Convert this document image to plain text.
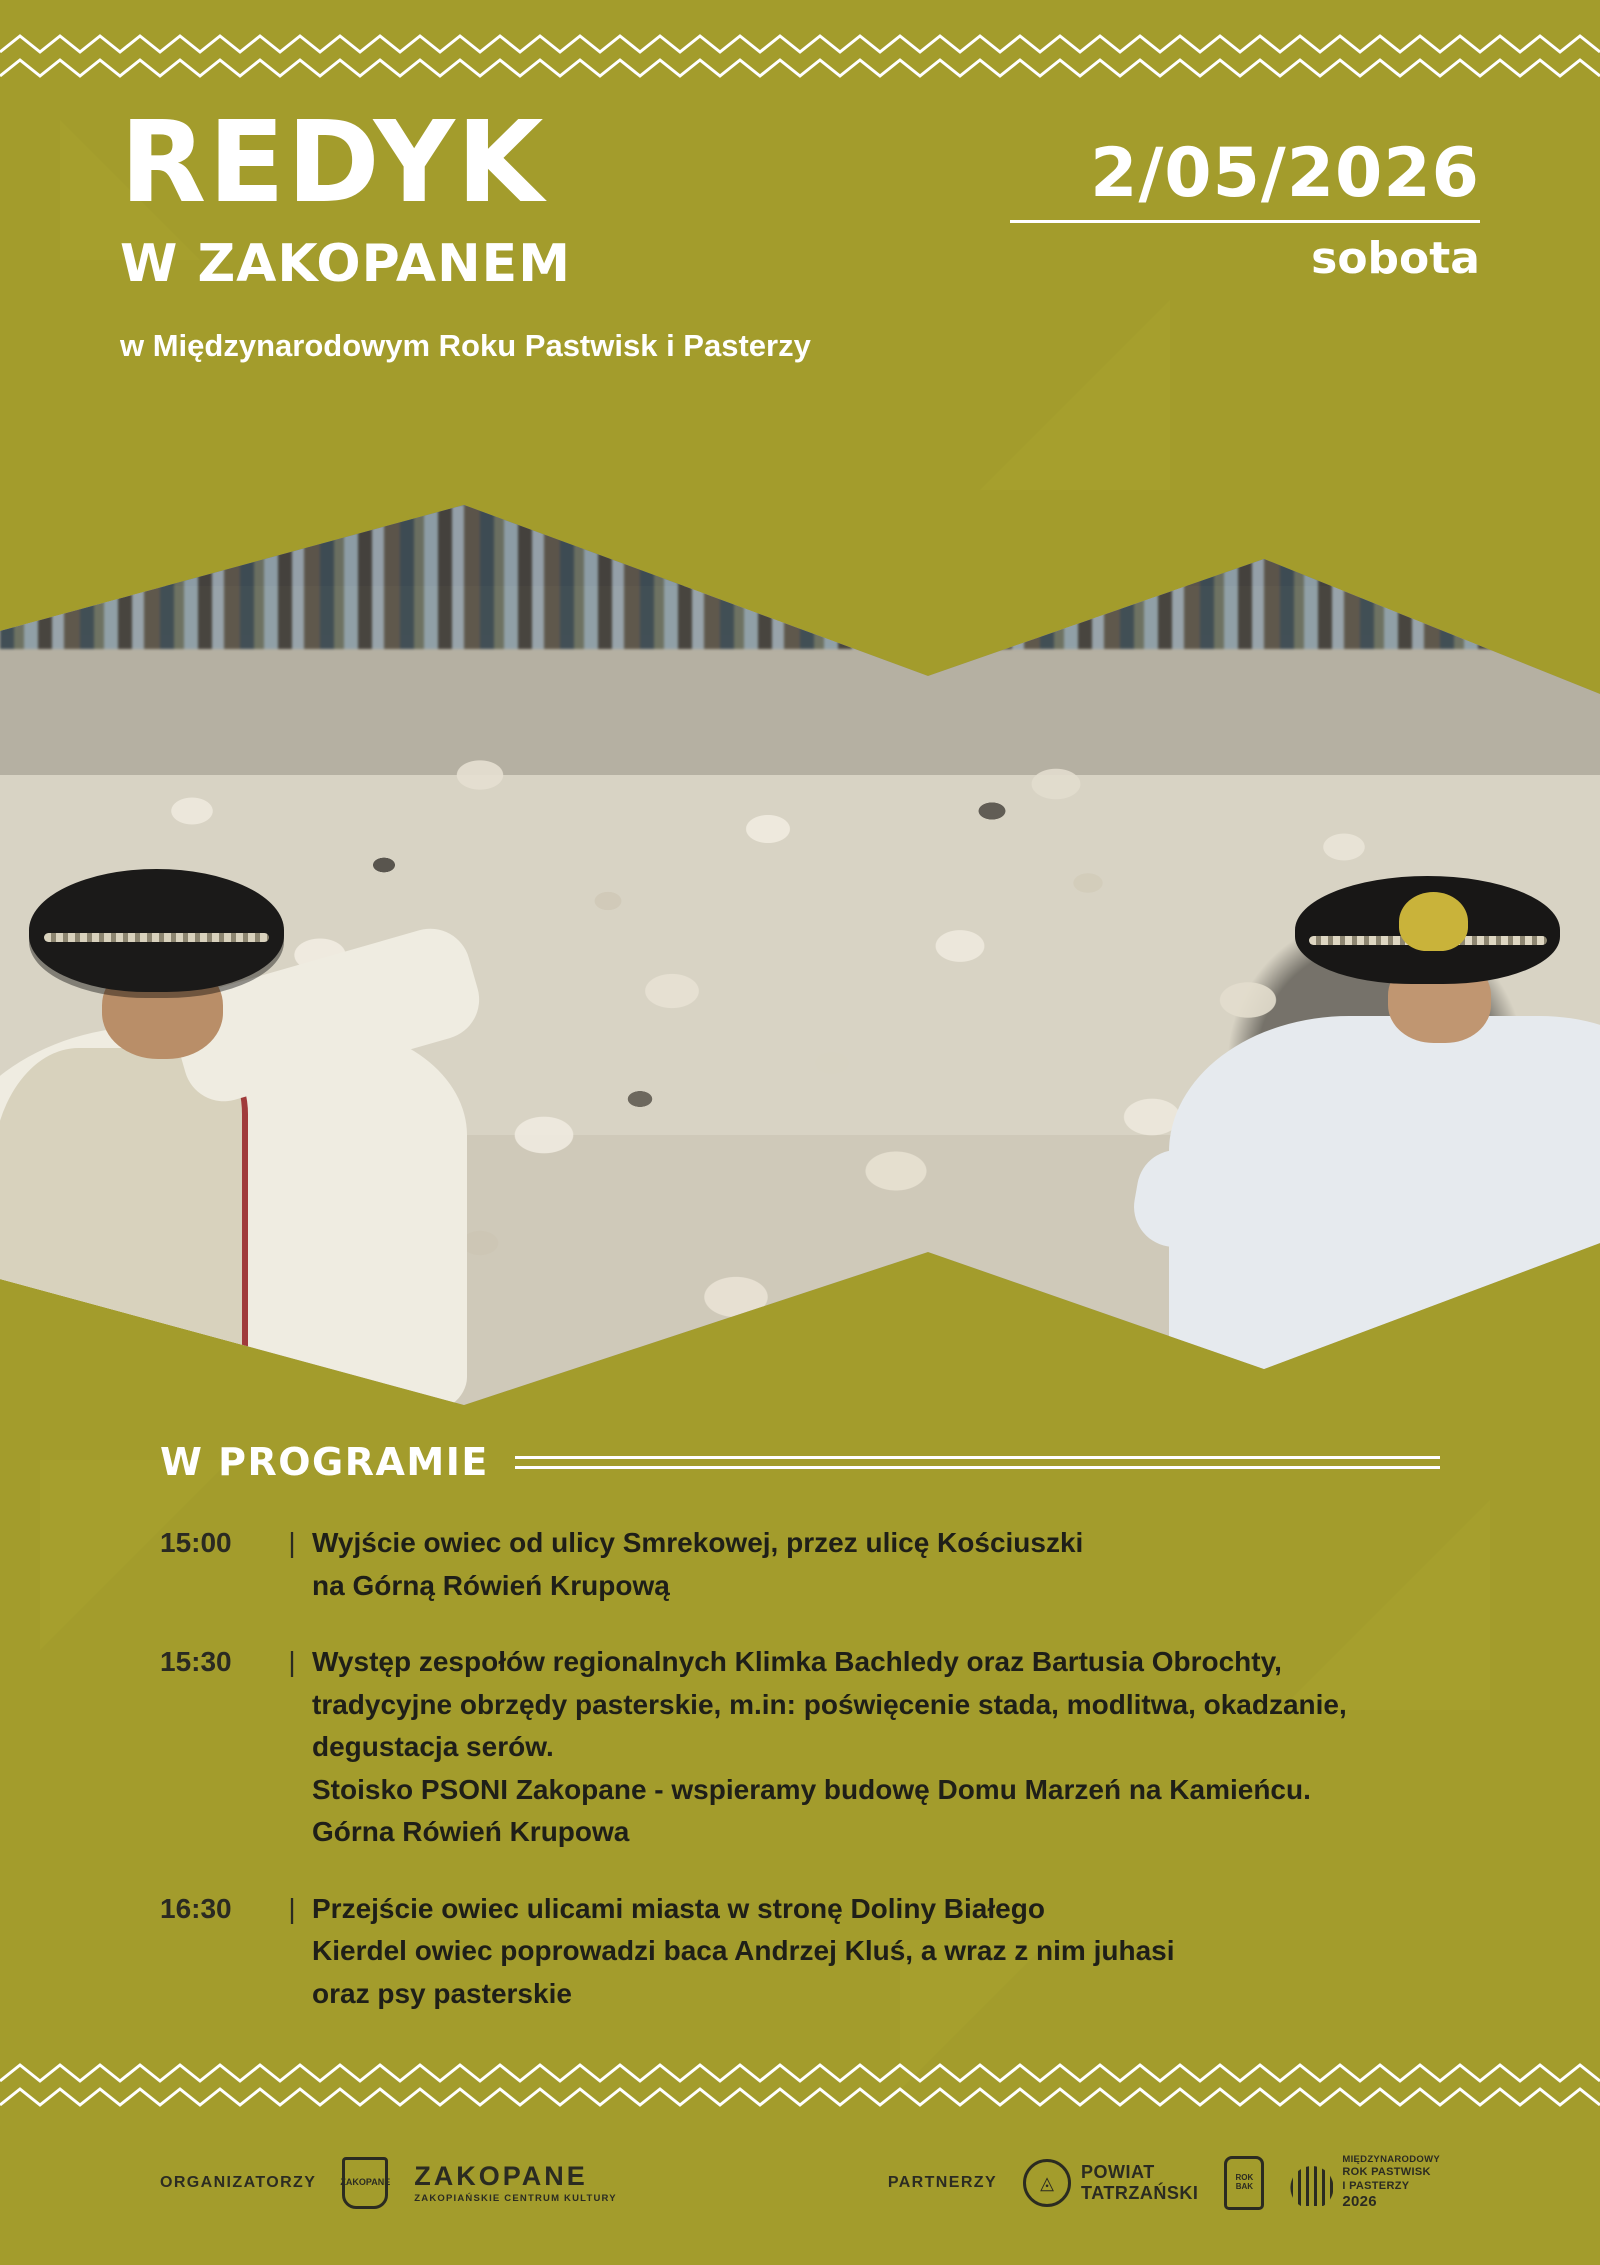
REDYK
W ZAKOPANEM
w Międzynarodowym Roku Pastwisk i Pasterzy
2/05/2026
sobota
W PROGRAMIE
15:00	| Wyjście owiec od ulicy Smrekowej, przez ulicę Kościuszki
na Górną Rówień Krupową
15:30	| Występ zespołów regionalnych Klimka Bachledy oraz Bartusia Obrochty,
tradycyjne obrzędy pasterskie, m.in: poświęcenie stada, modlitwa, okadzanie,
degustacja serów.
Stoisko PSONI Zakopane - wspieramy budowę Domu Marzeń na Kamieńcu.
Górna Rówień Krupowa
16:30	| Przejście owiec ulicami miasta w stronę Doliny Białego
Kierdel owiec poprowadzi baca Andrzej Kluś, a wraz z nim juhasi
oraz psy pasterskie
ORGANIZATORZY	ZAKOPANE ZAKOPANE
ZAKOPIAŃSKIE CENTRUM KULTURY
PARTNERZY	◬
POWIAT
TATRZAŃSKI
ROK BAK
MIĘDZYNARODOWY
ROK PASTWISK
I PASTERZY
2026
